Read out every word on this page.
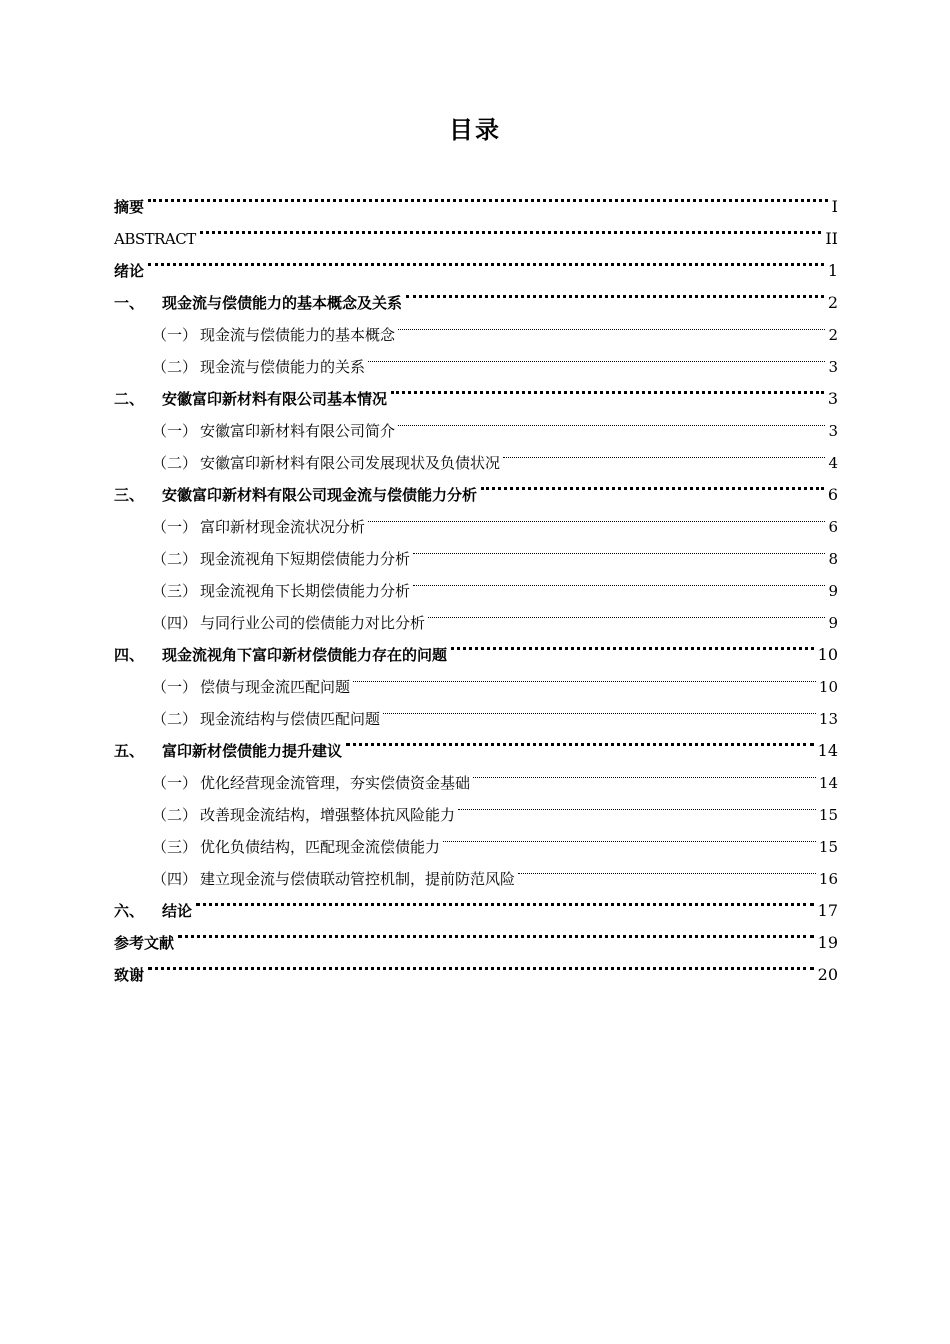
目录
摘要	I
ABSTRACT	II
绪论	1
一、	现金流与偿债能力的基本概念及关系	2
（一） 现金流与偿债能力的基本概念	2
（二） 现金流与偿债能力的关系	3
二、	安徽富印新材料有限公司基本情况	3
（一） 安徽富印新材料有限公司简介	3
（二） 安徽富印新材料有限公司发展现状及负债状况	4
三、	安徽富印新材料有限公司现金流与偿债能力分析	6
（一） 富印新材现金流状况分析	6
（二） 现金流视角下短期偿债能力分析	8
（三） 现金流视角下长期偿债能力分析	9
（四） 与同行业公司的偿债能力对比分析	9
四、	现金流视角下富印新材偿债能力存在的问题	10
（一） 偿债与现金流匹配问题	10
（二） 现金流结构与偿债匹配问题	13
五、	富印新材偿债能力提升建议	14
（一） 优化经营现金流管理，夯实偿债资金基础	14
（二） 改善现金流结构，增强整体抗风险能力	15
（三） 优化负债结构，匹配现金流偿债能力	15
（四） 建立现金流与偿债联动管控机制，提前防范风险	16
六、	结论	17
参考文献	19
致谢	20
